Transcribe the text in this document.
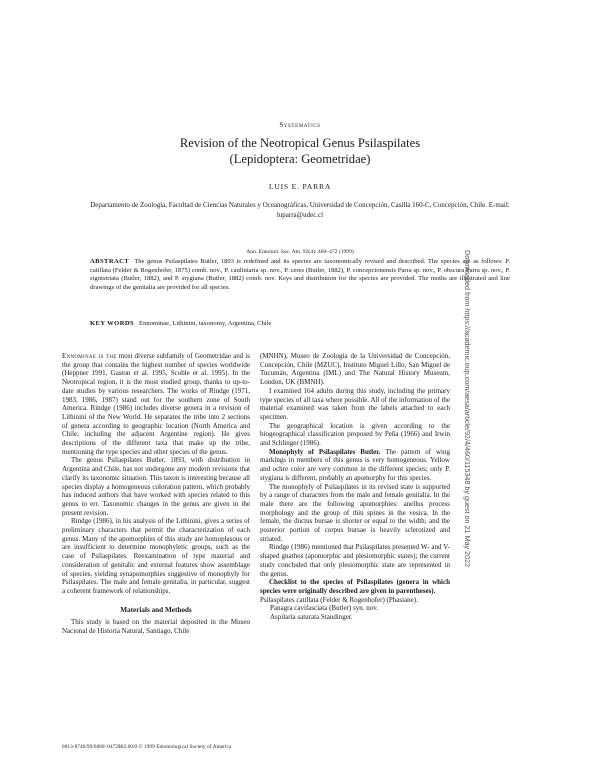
Systematics
Revision of the Neotropical Genus Psilaspilates
(Lepidoptera: Geometridae)
LUIS E. PARRA
Departamento de Zoología, Facultad de Ciencias Naturales y Oceanográficas, Universidad de Concepción, Casilla 160-C, Concepción, Chile. E-mail: luparra@udec.cl
Ann. Entomol. Soc. Am. 92(4): 460–472 (1999)

ABSTRACT The genus Psilaspilates Butler, 1893 is redefined and its species are taxonomically revised and described. The species are as follows: P. catillata (Felder & Rogenhofer, 1875) comb. nov., P. cauliniaria sp. nov., P. ceres (Butler, 1882), P. concepcionensis Parra sp. nov., P. obscura Parra sp. nov., P. signistriata (Butler, 1882), and P. stygiana (Butler, 1882) comb. nov. Keys and distribution for the species are provided. The moths are illustrated and line drawings of the genitalia are provided for all species.

KEY WORDS Ennominae, Lithinini, taxonomy, Argentina, Chile

Ennominae is the most diverse subfamily of Geometridae and is the group that contains the highest number of species worldwide (Heppner 1991, Gaston et al. 1995, Scoble et al. 1995). In the Neotropical region, it is the most studied group, thanks to up-to-date studies by various researchers. The works of Rindge (1971, 1983, 1986, 1987) stand out for the southern zone of South America. Rindge (1986) includes diverse genera in a revision of Lithinini of the New World. He separates the tribe into 2 sections of genera according to geographic location (North America and Chile, including the adjacent Argentine region). He gives descriptions of the different taxa that make up the tribe, mentioning the type species and other species of the genus.

The genus Psilaspilates Butler, 1893, with distribution in Argentina and Chile, has not undergone any modern revisions that clarify its taxonomic situation. This taxon is interesting because all species display a homogeneous coloration pattern, which probably has induced authors that have worked with species related to this genus to err. Taxonomic changes in the genus are given in the present revision.

Rindge (1986), in his analysis of the Lithinini, gives a series of preliminary characters that permit the characterization of each genus. Many of the apomorphies of this study are homoplasous or are insufficient to determine monophyletic groups, such as the case of Psilaspilates. Reexamination of type material and consideration of genitalic and external features show assemblage of species, yielding synapomorphies suggestive of monophyly for Psilaspilates. The male and female genitalia, in particular, suggest a coherent framework of relationships.

Materials and Methods

This study is based on the material deposited in the Museo Nacional de Historia Natural, Santiago, Chile

(MNHN), Museo de Zoología de la Universidad de Concepción, Concepción, Chile (MZUC), Instituto Miguel Lillo, San Miguel de Tucumán, Argentina (IML) and The Natural History Museum, London, UK (BMNH).

I examined 164 adults during this study, including the primary type species of all taxa where possible. All of the information of the material examined was taken from the labels attached to each specimen.

The geographical location is given according to the biogeographical classification proposed by Peña (1966) and Irwin and Schlinger (1986).

Monophyly of Psilaspilates Butler. The pattern of wing markings in members of this genus is very homogeneous. Yellow and ochre color are very common in the different species; only P. stygiana is different, probably an apomorphy for this species.

The monophyly of Psilaspilates in its revised state is supported by a range of characters from the male and female genitalia. In the male there are the following apomorphies: anellus process morphology and the group of thin spines in the vesica. In the female, the ductus bursae is shorter or equal to the width; and the posterior portion of corpus bursae is heavily sclerotized and striated.

Rindge (1986) mentioned that Psilaspilates presented W- and V-shaped gnathos (apomorphic and plesiomorphic states); the current study concluded that only plesiomorphic state are represented in the genus.

Checklist to the species of Psilaspilates (genera in which species were originally described are given in parentheses).

Psilaspilates catillata (Felder & Rogenhofer) (Phasiane).

Panagra cavifasciata (Butler) syn. nov.

Aspilaria saturata Staudinger.

0013-8746/99/0460–0472$02.00/0 © 1999 Entomological Society of America
Downloaded from https://academic.oup.com/aesa/article/92/4/460/115348 by guest on 21 May 2022
